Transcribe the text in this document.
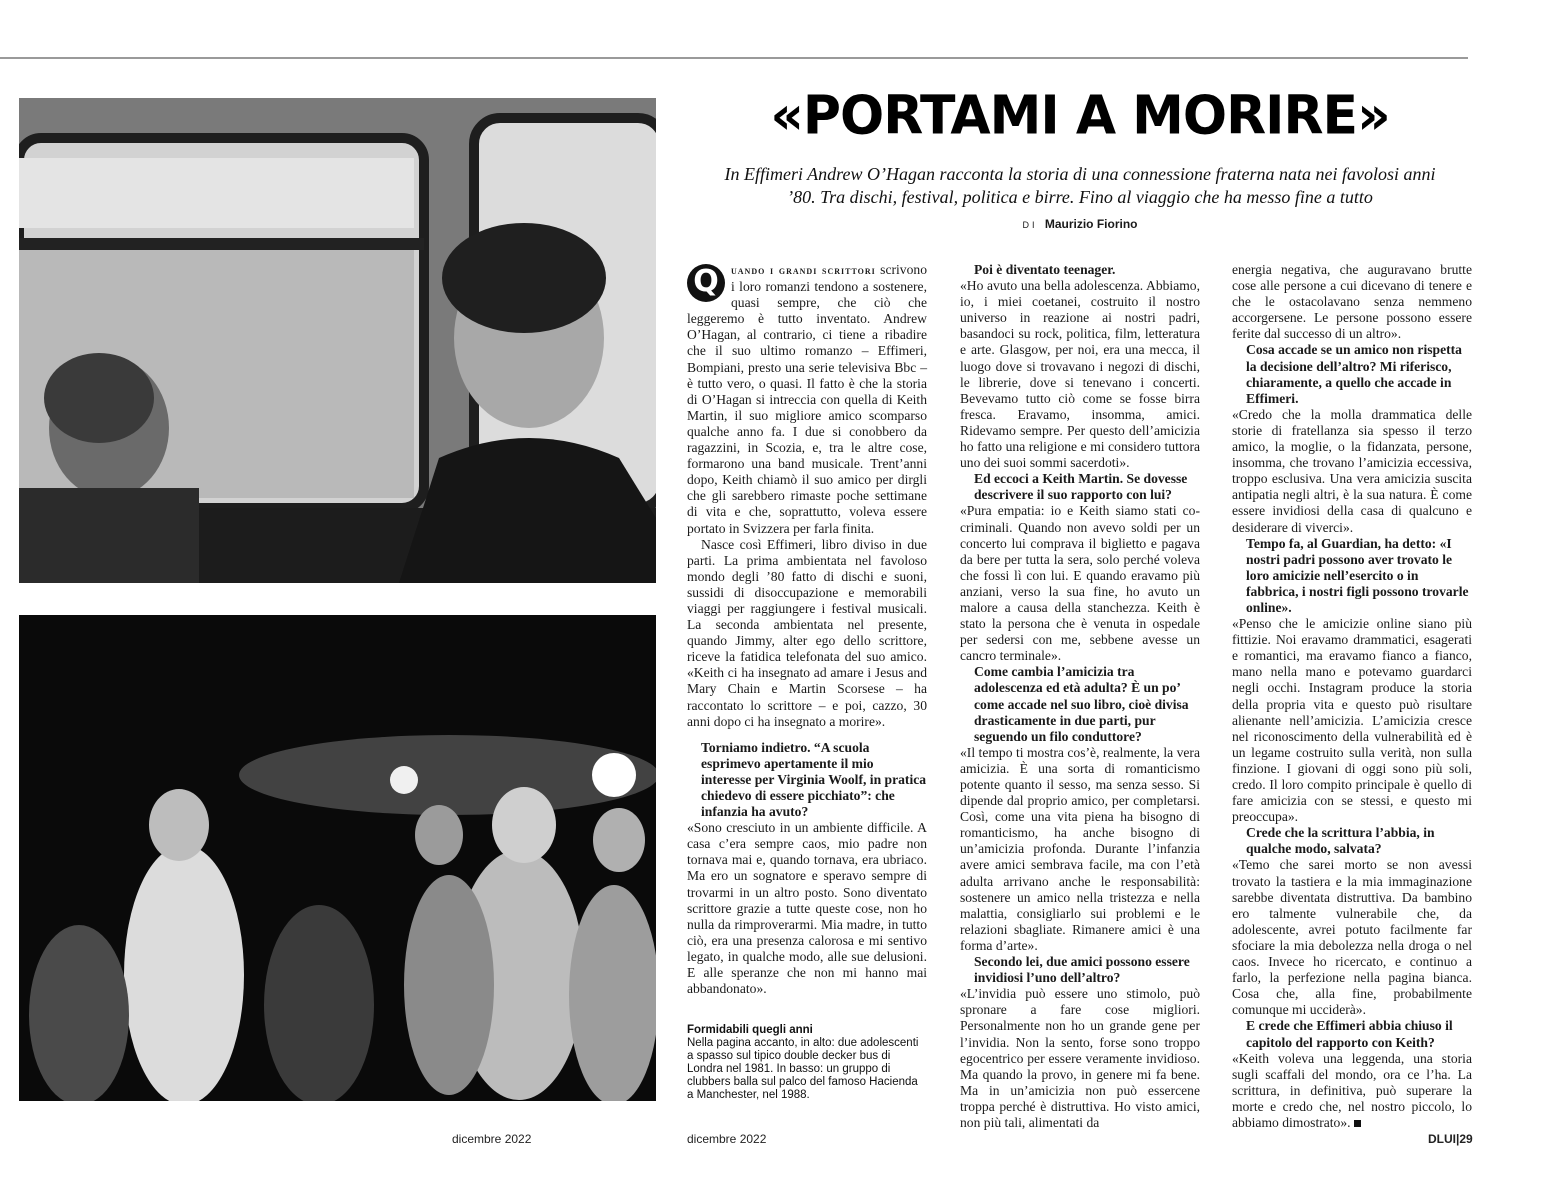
Formidabili quegli anni

Nella pagina accanto, in alto: due adolescenti a spasso sul tipico double decker bus di Londra nel 1981. In basso: un gruppo di clubbers balla sul palco del famoso Hacienda a Manchester, nel 1988.

«PORTAMI A MORIRE»
In Effimeri Andrew O’Hagan racconta la storia di una connessione fraterna nata nei favolosi anni ’80. Tra dischi, festival, politica e birre. Fino al viaggio che ha messo fine a tutto
DI Maurizio Fiorino

Q	uando i grandi scrittori scrivono i loro romanzi tendono a sostenere, quasi sempre, che ciò che leggeremo è tutto inventato. Andrew O’Hagan, al contrario, ci tiene a ribadire che il suo ultimo romanzo – Effimeri, Bompiani, presto una serie televisiva Bbc – è tutto vero, o quasi. Il fatto è che la storia di O’Hagan si intreccia con quella di Keith Martin, il suo migliore amico scomparso qualche anno fa. I due si conobbero da ragazzini, in Scozia, e, tra le altre cose, formarono una band musicale. Trent’anni dopo, Keith chiamò il suo amico per dirgli che gli sarebbero rimaste poche settimane di vita e che, soprattutto, voleva essere portato in Svizzera per farla finita.

Nasce così Effimeri, libro diviso in due parti. La prima ambientata nel favoloso mondo degli ’80 fatto di dischi e suoni, sussidi di disoccupazione e memorabili viaggi per raggiungere i festival musicali. La seconda ambientata nel presente, quando Jimmy, alter ego dello scrittore, riceve la fatidica telefonata del suo amico. «Keith ci ha insegnato ad amare i Jesus and Mary Chain e Martin Scorsese – ha raccontato lo scrittore – e poi, cazzo, 30 anni dopo ci ha insegnato a morire».

Torniamo indietro. “A scuola esprimevo apertamente il mio interesse per Virginia Woolf, in pratica chiedevo di essere picchiato”: che infanzia ha avuto?

«Sono cresciuto in un ambiente difficile. A casa c’era sempre caos, mio padre non tornava mai e, quando tornava, era ubriaco. Ma ero un sognatore e speravo sempre di trovarmi in un altro posto. Sono diventato scrittore grazie a tutte queste cose, non ho nulla da rimproverarmi. Mia madre, in tutto ciò, era una presenza calorosa e mi sentivo legato, in qualche modo, alle sue delusioni. E alle speranze che non mi hanno mai abbandonato».

Poi è diventato teenager.

«Ho avuto una bella adolescenza. Abbiamo, io, i miei coetanei, costruito il nostro universo in reazione ai nostri padri, basandoci su rock, politica, film, letteratura e arte. Glasgow, per noi, era una mecca, il luogo dove si trovavano i negozi di dischi, le librerie, dove si tenevano i concerti. Bevevamo tutto ciò come se fosse birra fresca. Eravamo, insomma, amici. Ridevamo sempre. Per questo dell’amicizia ho fatto una religione e mi considero tuttora uno dei suoi sommi sacerdoti».

Ed eccoci a Keith Martin. Se dovesse descrivere il suo rapporto con lui?

«Pura empatia: io e Keith siamo stati co-criminali. Quando non avevo soldi per un concerto lui comprava il biglietto e pagava da bere per tutta la sera, solo perché voleva che fossi lì con lui. E quando eravamo più anziani, verso la sua fine, ho avuto un malore a causa della stanchezza. Keith è stato la persona che è venuta in ospedale per sedersi con me, sebbene avesse un cancro terminale».

Come cambia l’amicizia tra adolescenza ed età adulta? È un po’ come accade nel suo libro, cioè divisa drasticamente in due parti, pur seguendo un filo conduttore?

«Il tempo ti mostra cos’è, realmente, la vera amicizia. È una sorta di romanticismo potente quanto il sesso, ma senza sesso. Si dipende dal proprio amico, per completarsi. Così, come una vita piena ha bisogno di romanticismo, ha anche bisogno di un’amicizia profonda. Durante l’infanzia avere amici sembrava facile, ma con l’età adulta arrivano anche le responsabilità: sostenere un amico nella tristezza e nella malattia, consigliarlo sui problemi e le relazioni sbagliate. Rimanere amici è una forma d’arte».

Secondo lei, due amici possono essere invidiosi l’uno dell’altro?

«L’invidia può essere uno stimolo, può spronare a fare cose migliori. Personalmente non ho un grande gene per l’invidia. Non la sento, forse sono troppo egocentrico per essere veramente invidioso. Ma quando la provo, in genere mi fa bene. Ma in un’amicizia non può essercene troppa perché è distruttiva. Ho visto amici, non più tali, alimentati da

energia negativa, che auguravano brutte cose alle persone a cui dicevano di tenere e che le ostacolavano senza nemmeno accorgersene. Le persone possono essere ferite dal successo di un altro».

Cosa accade se un amico non rispetta la decisione dell’altro? Mi riferisco, chiaramente, a quello che accade in Effimeri.

«Credo che la molla drammatica delle storie di fratellanza sia spesso il terzo amico, la moglie, o la fidanzata, persone, insomma, che trovano l’amicizia eccessiva, troppo esclusiva. Una vera amicizia suscita antipatia negli altri, è la sua natura. È come essere invidiosi della casa di qualcuno e desiderare di viverci».

Tempo fa, al Guardian, ha detto: «I nostri padri possono aver trovato le loro amicizie nell’esercito o in fabbrica, i nostri figli possono trovarle online».

«Penso che le amicizie online siano più fittizie. Noi eravamo drammatici, esagerati e romantici, ma eravamo fianco a fianco, mano nella mano e potevamo guardarci negli occhi. Instagram produce la storia della propria vita e questo può risultare alienante nell’amicizia. L’amicizia cresce nel riconoscimento della vulnerabilità ed è un legame costruito sulla verità, non sulla finzione. I giovani di oggi sono più soli, credo. Il loro compito principale è quello di fare amicizia con se stessi, e questo mi preoccupa».

Crede che la scrittura l’abbia, in qualche modo, salvata?

«Temo che sarei morto se non avessi trovato la tastiera e la mia immaginazione sarebbe diventata distruttiva. Da bambino ero talmente vulnerabile che, da adolescente, avrei potuto facilmente far sfociare la mia debolezza nella droga o nel caos. Invece ho ricercato, e continuo a farlo, la perfezione nella pagina bianca. Cosa che, alla fine, probabilmente comunque mi ucciderà».

E crede che Effimeri abbia chiuso il capitolo del rapporto con Keith?

«Keith voleva una leggenda, una storia sugli scaffali del mondo, ora ce l’ha. La scrittura, in definitiva, può superare la morte e credo che, nel nostro piccolo, lo abbiamo dimostrato».

dicembre 2022	dicembre 2022	DLUI|29
